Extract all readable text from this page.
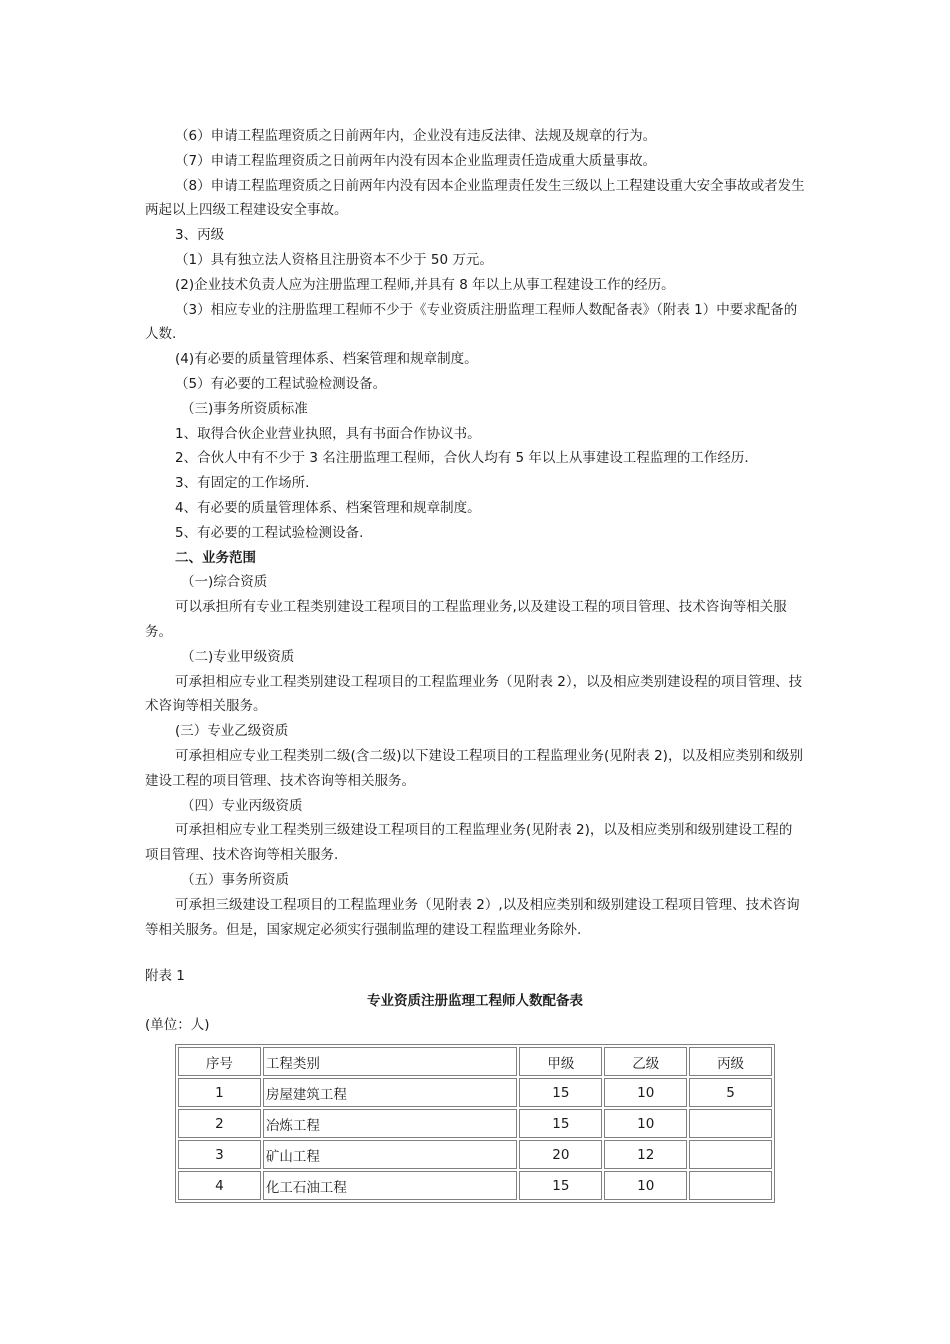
（6）申请工程监理资质之日前两年内，企业没有违反法律、法规及规章的行为。
（7）申请工程监理资质之日前两年内没有因本企业监理责任造成重大质量事故。
（8）申请工程监理资质之日前两年内没有因本企业监理责任发生三级以上工程建设重大安全事故或者发生两起以上四级工程建设安全事故。
3、丙级
（1）具有独立法人资格且注册资本不少于 50 万元。
(2)企业技术负责人应为注册监理工程师,并具有 8 年以上从事工程建设工作的经历。
（3）相应专业的注册监理工程师不少于《专业资质注册监理工程师人数配备表》（附表 1）中要求配备的人数.
(4)有必要的质量管理体系、档案管理和规章制度。
（5）有必要的工程试验检测设备。
（三)事务所资质标准
1、取得合伙企业营业执照，具有书面合作协议书。
2、合伙人中有不少于 3 名注册监理工程师，合伙人均有 5 年以上从事建设工程监理的工作经历.
3、有固定的工作场所.
4、有必要的质量管理体系、档案管理和规章制度。
5、有必要的工程试验检测设备.
二、业务范围
（一)综合资质
可以承担所有专业工程类别建设工程项目的工程监理业务,以及建设工程的项目管理、技术咨询等相关服务。
（二)专业甲级资质
可承担相应专业工程类别建设工程项目的工程监理业务（见附表 2），以及相应类别建设程的项目管理、技术咨询等相关服务。
(三）专业乙级资质
可承担相应专业工程类别二级(含二级)以下建设工程项目的工程监理业务(见附表 2)，以及相应类别和级别建设工程的项目管理、技术咨询等相关服务。
（四）专业丙级资质
可承担相应专业工程类别三级建设工程项目的工程监理业务(见附表 2)，以及相应类别和级别建设工程的项目管理、技术咨询等相关服务.
（五）事务所资质
可承担三级建设工程项目的工程监理业务（见附表 2）,以及相应类别和级别建设工程项目管理、技术咨询等相关服务。但是，国家规定必须实行强制监理的建设工程监理业务除外.
附表 1
专业资质注册监理工程师人数配备表
(单位：人)
序号	工程类别	甲级	乙级	丙级
1	房屋建筑工程	15	10	5
2	冶炼工程	15	10	
3	矿山工程	20	12	
4	化工石油工程	15	10	
